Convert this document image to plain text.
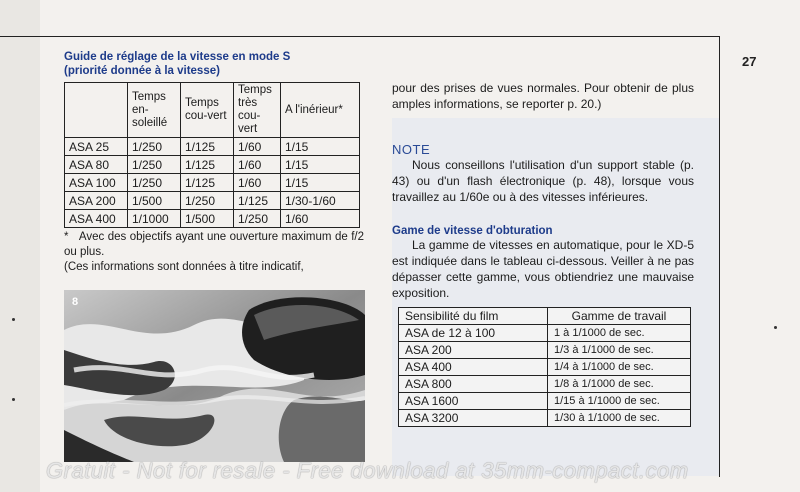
27
Guide de réglage de la vitesse en mode S
(priorité donnée à la vitesse)
	Temps en-soleillé	Temps cou-vert	Temps très cou-vert	A l'inérieur*
ASA 25	1/250	1/125	1/60	1/15
ASA 80	1/250	1/125	1/60	1/15
ASA 100	1/250	1/125	1/60	1/15
ASA 200	1/500	1/250	1/125	1/30-1/60
ASA 400	1/1000	1/500	1/250	1/60

* Avec des objectifs ayant une ouverture maximum de f/2 ou plus.

(Ces informations sont données à titre indicatif,

8

pour des prises de vues normales. Pour obtenir de plus amples informations, se reporter p. 20.)

NOTE

Nous conseillons l'utilisation d'un support stable (p. 43) ou d'un flash électronique (p. 48), lorsque vous travaillez au 1/60e ou à des vitesses inférieures.

Game de vitesse d'obturation

La gamme de vitesses en automatique, pour le XD-5 est indiquée dans le tableau ci-dessous. Veiller à ne pas dépasser cette gamme, vous obtiendriez une mauvaise exposition.

Sensibilité du film	Gamme de travail
ASA de 12 à 100	1 à 1/1000 de sec.
ASA 200	1/3 à 1/1000 de sec.
ASA 400	1/4 à 1/1000 de sec.
ASA 800	1/8 à 1/1000 de sec.
ASA 1600	1/15 à 1/1000 de sec.
ASA 3200	1/30 à 1/1000 de sec.
Gratuit - Not for resale - Free download at 35mm-compact.com
